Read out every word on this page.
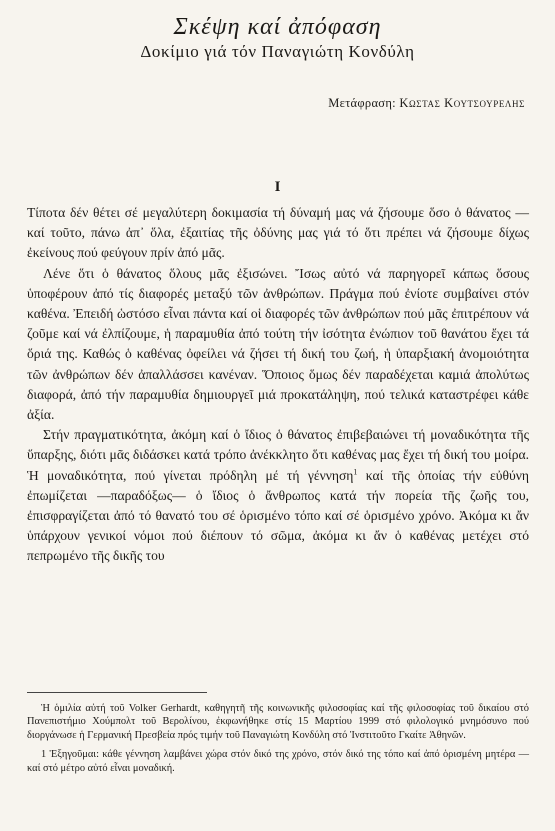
Σκέψη καί ἀπόφαση
Δοκίμιο γιά τόν Παναγιώτη Κονδύλη
Μετάφραση: Κωστας Κουτσουρελης
I

Τίποτα δέν θέτει σέ μεγαλύτερη δοκιμασία τή δύναμή μας νά ζήσουμε ὅσο ὁ θάνατος — καί τοῦτο, πάνω ἀπ᾽ ὅλα, ἐξαιτίας τῆς ὀδύνης μας γιά τό ὅτι πρέπει νά ζήσουμε δίχως ἐκείνους πού φεύγουν πρίν ἀπό μᾶς.

Λένε ὅτι ὁ θάνατος ὅλους μᾶς ἐξισώνει. Ἴσως αὐτό νά παρηγορεῖ κάπως ὅσους ὑποφέρουν ἀπό τίς διαφορές μεταξύ τῶν ἀνθρώπων. Πράγμα πού ἐνίοτε συμβαίνει στόν καθένα. Ἐπειδή ὡστόσο εἶναι πάντα καί οἱ διαφορές τῶν ἀνθρώπων πού μᾶς ἐπιτρέπουν νά ζοῦμε καί νά ἐλπίζουμε, ἡ παραμυθία ἀπό τούτη τήν ἰσότητα ἐνώπιον τοῦ θανάτου ἔχει τά ὅριά της. Καθώς ὁ καθένας ὀφείλει νά ζήσει τή δική του ζωή, ἡ ὑπαρξιακή ἀνομοιότητα τῶν ἀνθρώπων δέν ἀπαλλάσσει κανέναν. Ὅποιος ὅμως δέν παραδέχεται καμιά ἀπολύτως διαφορά, ἀπό τήν παραμυθία δημιουργεῖ μιά προκατάληψη, πού τελικά καταστρέφει κάθε ἀξία.

Στήν πραγματικότητα, ἀκόμη καί ὁ ἴδιος ὁ θάνατος ἐπιβεβαιώνει τή μοναδικότητα τῆς ὕπαρξης, διότι μᾶς διδάσκει κατά τρόπο ἀνέκκλητο ὅτι καθένας μας ἔχει τή δική του μοίρα. Ἡ μοναδικότητα, πού γίνεται πρόδηλη μέ τή γέννηση$^1$ καί τῆς ὁποίας τήν εὐθύνη ἐπωμίζεται —παραδόξως— ὁ ἴδιος ὁ ἄνθρωπος κατά τήν πορεία τῆς ζωῆς του, ἐπισφραγίζεται ἀπό τό θανατό του σέ ὁρισμένο τόπο καί σέ ὁρισμένο χρόνο. Ἀκόμα κι ἄν ὑπάρχουν γενικοί νόμοι πού διέπουν τό σῶμα, ἀκόμα κι ἄν ὁ καθένας μετέχει στό πεπρωμένο τῆς δικῆς του

Ἡ ὁμιλία αὐτή τοῦ Volker Gerhardt, καθηγητῆ τῆς κοινωνικῆς φιλοσοφίας καί τῆς φιλοσοφίας τοῦ δικαίου στό Πανεπιστήμιο Χούμπολτ τοῦ Βερολίνου, ἐκφωνήθηκε στίς 15 Μαρτίου 1999 στό φιλολογικό μνημόσυνο πού διοργάνωσε ἡ Γερμανική Πρεσβεία πρός τιμήν τοῦ Παναγιώτη Κονδύλη στό Ἰνστιτοῦτο Γκαίτε Ἀθηνῶν.

1 Ἐξηγοῦμαι: κάθε γέννηση λαμβάνει χώρα στόν δικό της χρόνο, στόν δικό της τόπο καί ἀπό ὁρισμένη μητέρα — καί στό μέτρο αὐτό εἶναι μοναδική.
